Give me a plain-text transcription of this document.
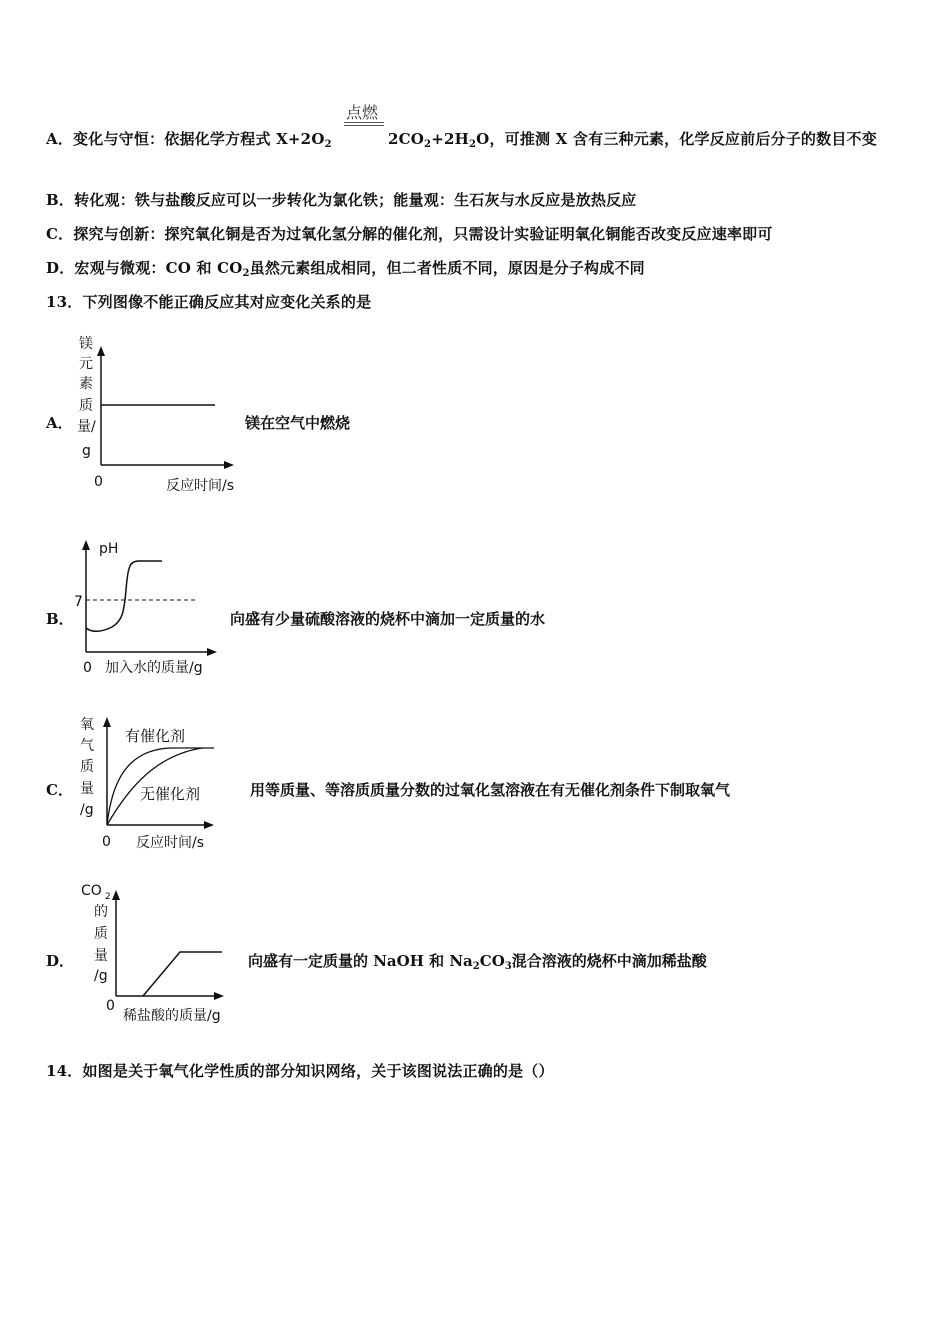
点燃
A．变化与守恒：依据化学方程式 $X+2O_2$	$2CO_2+2H_2O$，可推测 X 含有三种元素，化学反应前后分子的数目不变
B．转化观：铁与盐酸反应可以一步转化为氯化铁；能量观：生石灰与水反应是放热反应
C．探究与创新：探究氧化铜是否为过氧化氢分解的催化剂，只需设计实验证明氧化铜能否改变反应速率即可
D．宏观与微观：CO 和 $CO_2$虽然元素组成相同，但二者性质不同，原因是分子构成不同
13．下列图像不能正确反应其对应变化关系的是
A．
镁
元
素
质
量/
g
0	反应时间/s
镁在空气中燃烧
B．
pH
7
0 加入水的质量/g
向盛有少量硫酸溶液的烧杯中滴加一定质量的水
C．
氧
气
质
量
/g
0 反应时间/s
有催化剂
无催化剂	用等质量、等溶质质量分数的过氧化氢溶液在有无催化剂条件下制取氧气
D．
CO 2
的
质
量
/g
0
稀盐酸的质量/g
向盛有一定质量的 NaOH 和 $Na_2CO_3$混合溶液的烧杯中滴加稀盐酸
14．如图是关于氧气化学性质的部分知识网络，关于该图说法正确的是（）
